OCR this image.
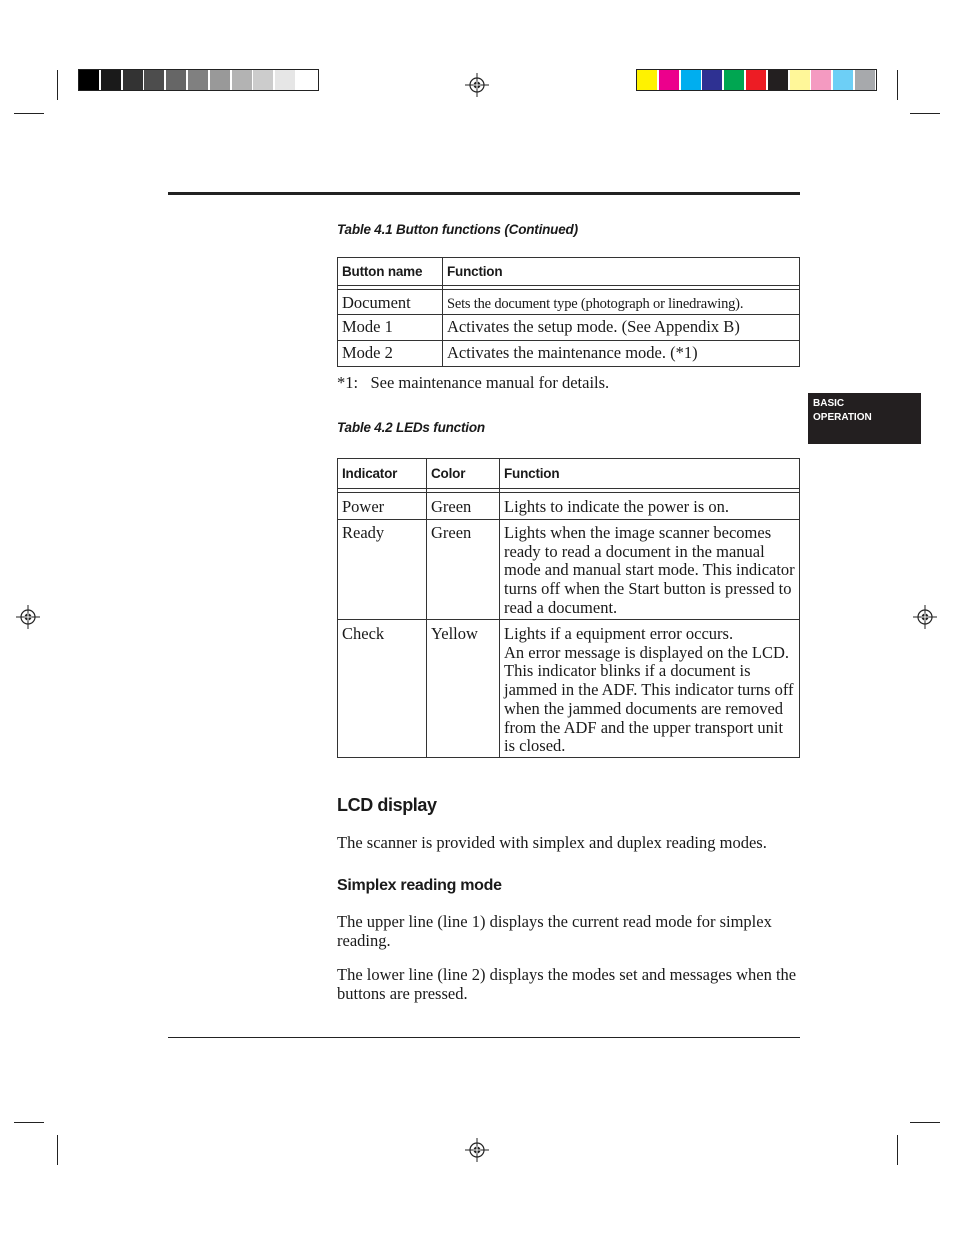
BASIC
OPERATION
Table 4.1 Button functions (Continued)
Button name	Function

Document	Sets the document type (photograph or linedrawing).
Mode 1	Activates the setup mode. (See Appendix B)
Mode 2	Activates the maintenance mode. (*1)
*1:   See maintenance manual for details.
Table 4.2 LEDs function
Indicator	Color	Function

Power	Green	Lights to indicate the power is on.
Ready	Green	Lights when the image scanner becomes ready to read a document in the manual mode and manual start mode. This indicator turns off when the Start button is pressed to read a document.
Check	Yellow	Lights if a equipment error occurs.
An error message is displayed on the LCD. This indicator blinks if a document is jammed in the ADF. This indicator turns off when the jammed documents are removed from the ADF and the upper transport unit is closed.
LCD display
The scanner is provided with simplex and duplex reading modes.
Simplex reading mode
The upper line (line 1) displays the current read mode for simplex reading.
The lower line (line 2) displays the modes set and messages when the buttons are pressed.
